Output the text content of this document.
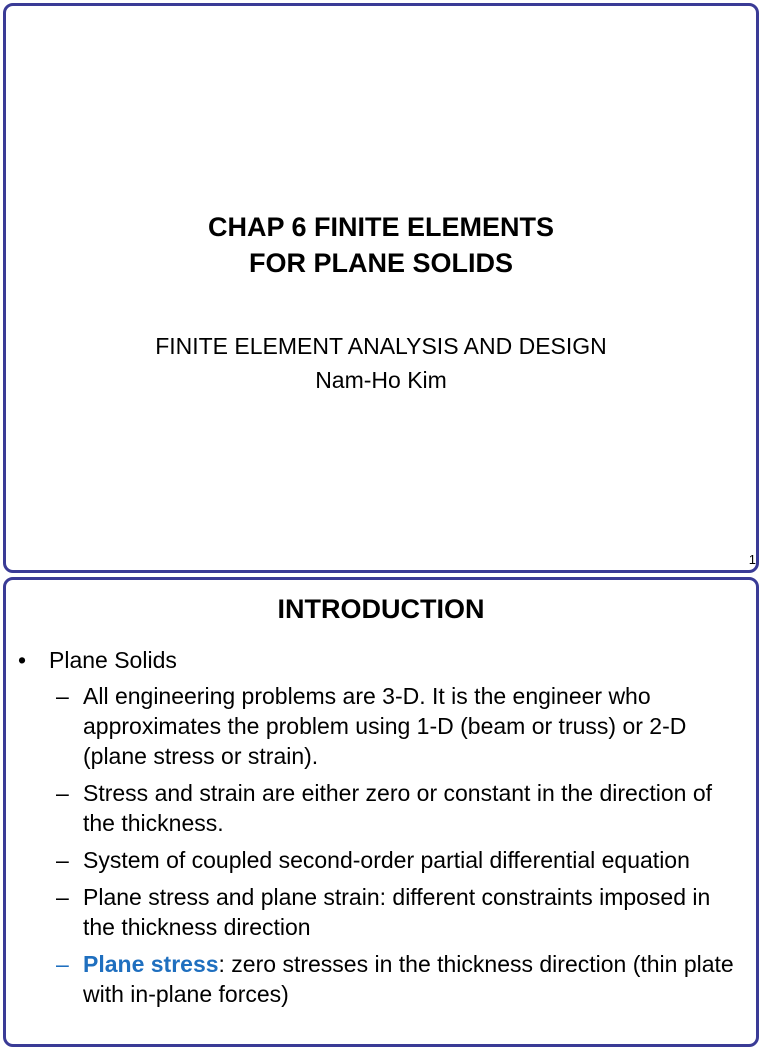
CHAP 6 FINITE ELEMENTS
FOR PLANE SOLIDS
FINITE ELEMENT ANALYSIS AND DESIGN
Nam-Ho Kim
1
INTRODUCTION
• Plane Solids
– All engineering problems are 3-D. It is the engineer who approximates the problem using 1-D (beam or truss) or 2-D (plane stress or strain).
– Stress and strain are either zero or constant in the direction of the thickness.
– System of coupled second-order partial differential equation
– Plane stress and plane strain: different constraints imposed in the thickness direction
– Plane stress: zero stresses in the thickness direction (thin plate with in-plane forces)
